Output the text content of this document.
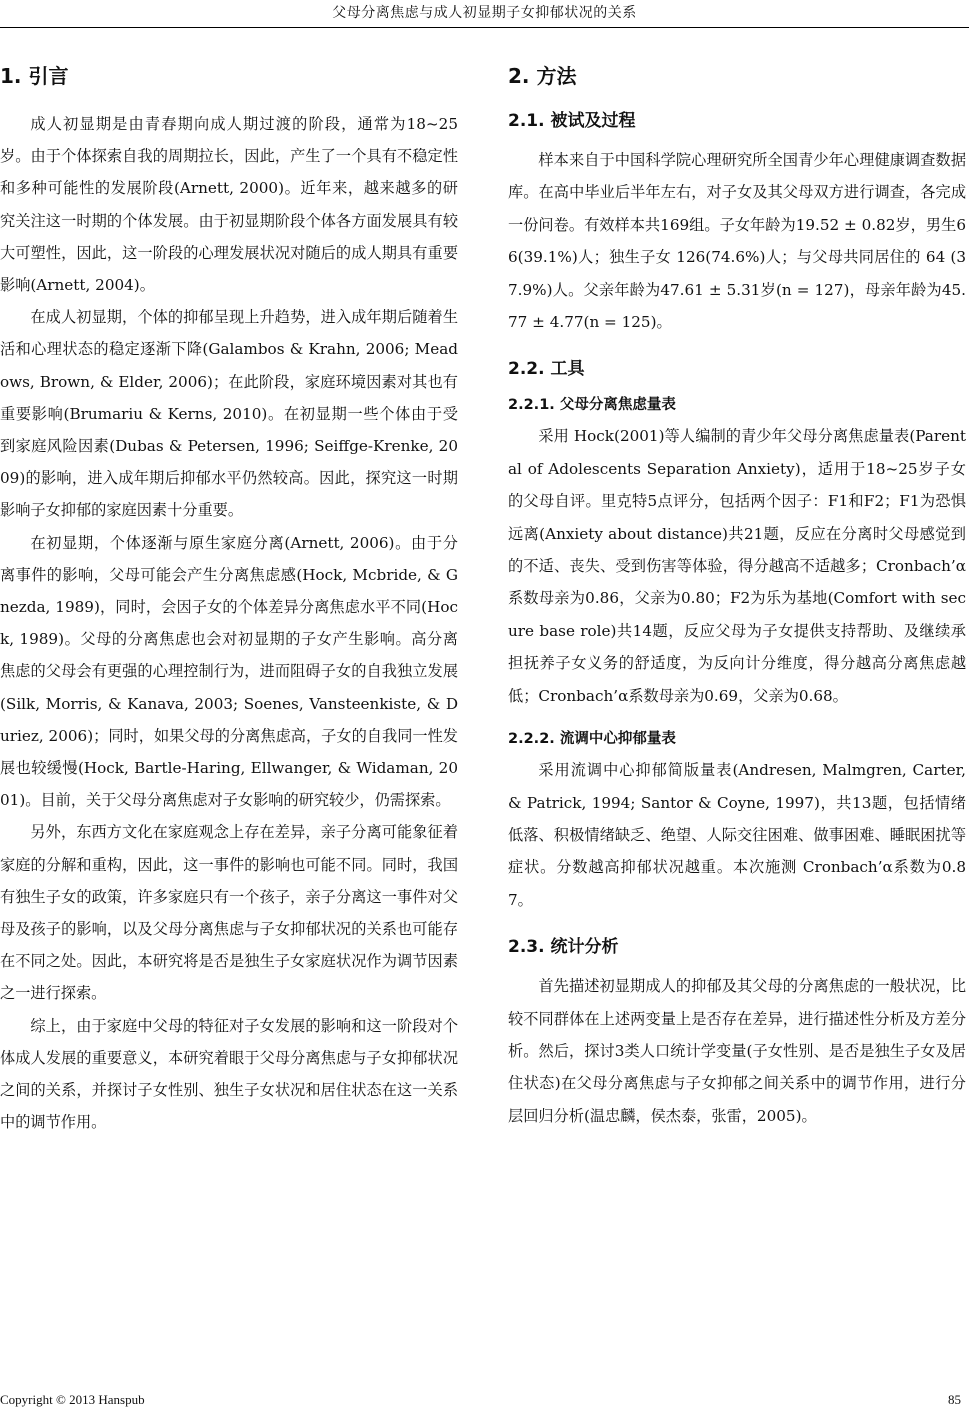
父母分离焦虑与成人初显期子女抑郁状况的关系
1. 引言

成人初显期是由青春期向成人期过渡的阶段，通常为18~25岁。由于个体探索自我的周期拉长，因此，产生了一个具有不稳定性和多种可能性的发展阶段(Arnett, 2000)。近年来，越来越多的研究关注这一时期的个体发展。由于初显期阶段个体各方面发展具有较大可塑性，因此，这一阶段的心理发展状况对随后的成人期具有重要影响(Arnett, 2004)。

在成人初显期，个体的抑郁呈现上升趋势，进入成年期后随着生活和心理状态的稳定逐渐下降(Galambos & Krahn, 2006; Meadows, Brown, & Elder, 2006)；在此阶段，家庭环境因素对其也有重要影响(Brumariu & Kerns, 2010)。在初显期一些个体由于受到家庭风险因素(Dubas & Petersen, 1996; Seiffge-Krenke, 2009)的影响，进入成年期后抑郁水平仍然较高。因此，探究这一时期影响子女抑郁的家庭因素十分重要。

在初显期，个体逐渐与原生家庭分离(Arnett, 2006)。由于分离事件的影响，父母可能会产生分离焦虑感(Hock, Mcbride, & Gnezda, 1989)，同时，会因子女的个体差异分离焦虑水平不同(Hock, 1989)。父母的分离焦虑也会对初显期的子女产生影响。高分离焦虑的父母会有更强的心理控制行为，进而阻碍子女的自我独立发展(Silk, Morris, & Kanava, 2003; Soenes, Vansteenkiste, & Duriez, 2006)；同时，如果父母的分离焦虑高，子女的自我同一性发展也较缓慢(Hock, Bartle-Haring, Ellwanger, & Widaman, 2001)。目前，关于父母分离焦虑对子女影响的研究较少，仍需探索。

另外，东西方文化在家庭观念上存在差异，亲子分离可能象征着家庭的分解和重构，因此，这一事件的影响也可能不同。同时，我国有独生子女的政策，许多家庭只有一个孩子，亲子分离这一事件对父母及孩子的影响，以及父母分离焦虑与子女抑郁状况的关系也可能存在不同之处。因此，本研究将是否是独生子女家庭状况作为调节因素之一进行探索。

综上，由于家庭中父母的特征对子女发展的影响和这一阶段对个体成人发展的重要意义，本研究着眼于父母分离焦虑与子女抑郁状况之间的关系，并探讨子女性别、独生子女状况和居住状态在这一关系中的调节作用。

2. 方法
2.1. 被试及过程

样本来自于中国科学院心理研究所全国青少年心理健康调查数据库。在高中毕业后半年左右，对子女及其父母双方进行调查，各完成一份问卷。有效样本共169组。子女年龄为19.52 ± 0.82岁，男生66(39.1%)人；独生子女 126(74.6%)人；与父母共同居住的 64 (37.9%)人。父亲年龄为47.61 ± 5.31岁(n = 127)，母亲年龄为45.77 ± 4.77(n = 125)。

2.2. 工具
2.2.1. 父母分离焦虑量表

采用 Hock(2001)等人编制的青少年父母分离焦虑量表(Parental of Adolescents Separation Anxiety)，适用于18~25岁子女的父母自评。里克特5点评分，包括两个因子：F1和F2；F1为恐惧远离(Anxiety about distance)共21题，反应在分离时父母感觉到的不适、丧失、受到伤害等体验，得分越高不适越多；Cronbach’α系数母亲为0.86，父亲为0.80；F2为乐为基地(Comfort with secure base role)共14题，反应父母为子女提供支持帮助、及继续承担抚养子女义务的舒适度，为反向计分维度，得分越高分离焦虑越低；Cronbach’α系数母亲为0.69，父亲为0.68。

2.2.2. 流调中心抑郁量表

采用流调中心抑郁简版量表(Andresen, Malmgren, Carter, & Patrick, 1994; Santor & Coyne, 1997)，共13题，包括情绪低落、积极情绪缺乏、绝望、人际交往困难、做事困难、睡眠困扰等症状。分数越高抑郁状况越重。本次施测 Cronbach’α系数为0.87。

2.3. 统计分析

首先描述初显期成人的抑郁及其父母的分离焦虑的一般状况，比较不同群体在上述两变量上是否存在差异，进行描述性分析及方差分析。然后，探讨3类人口统计学变量(子女性别、是否是独生子女及居住状态)在父母分离焦虑与子女抑郁之间关系中的调节作用，进行分层回归分析(温忠麟，侯杰泰，张雷，2005)。

Copyright © 2013 Hanspub	85
